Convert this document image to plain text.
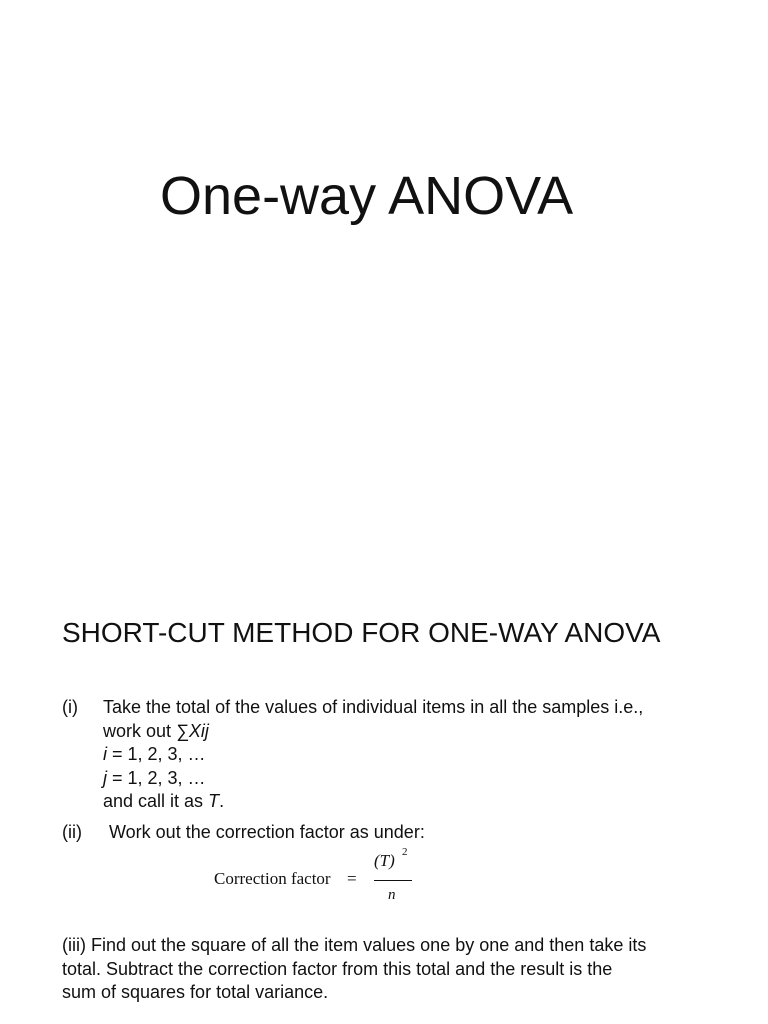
One-way ANOVA
SHORT-CUT METHOD FOR ONE-WAY ANOVA
(i) Take the total of the values of individual items in all the samples i.e.,
work out ∑Xij
i = 1, 2, 3, …
j = 1, 2, 3, …
and call it as T.
(ii) Work out the correction factor as under:
Correction factor =
(T) 2
n
(iii) Find out the square of all the item values one by one and then take its
total. Subtract the correction factor from this total and the result is the
sum of squares for total variance.
